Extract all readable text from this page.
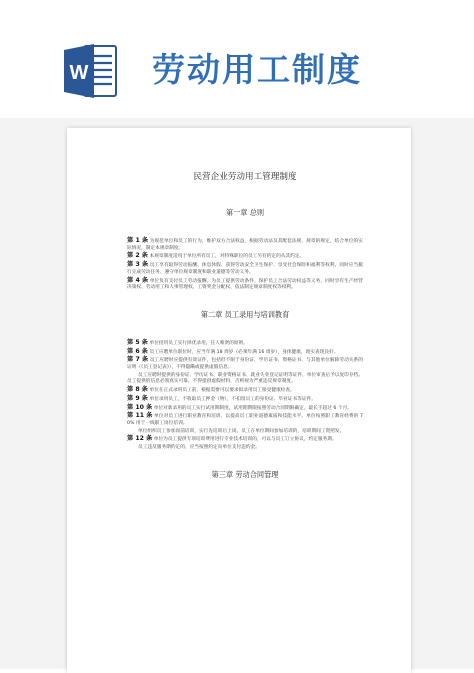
W 劳动用工制度
​
民营企业劳动用工管理制度
第一章 总则
第 1 条 为规范单位和员工的行为，维护双方合法权益，根据劳动法及其配套法规、规章的规定，结合单位的实际情况，制定本规章制度。
第 2 条 本规章制度适用于单位所有员工，对特殊职位的员工另有约定的从其约定。
第 3 条 员工享有取得劳动报酬、休息休假、获得劳动安全卫生保护、享受社会保险和福利等权利，同时应当履行完成劳动任务、遵守单位规章制度和职业道德等劳动义务。
第 4 条 单位负有支付员工劳动报酬、为员工提供劳动条件、保护员工合法劳动权益等义务，同时享有生产经营决策权、劳动用工和人事管理权、工资奖金分配权、依法制定规章制度权等权利。
第二章 员工录用与培训教育
第 5 条 单位招用员工实行择优录用，任人唯贤的原则。
第 6 条 员工应聘单位职位时，应当年满 18 周岁（必须年满 16 周岁），身体健康，现实表现良好。
第 7 条 员工应聘时应提供有效证件，包括但不限于身份证、学历证书、资格证书、与其他单位解除劳动关系的证明（《员工登记表》），不得隐瞒或提供虚假信息。
员工应聘时提供的身份证、学历证书、职业资格证书、就业失业登记证明等证件，单位审查后予以复印存档。员工提供的信息必须真实可靠，不得提供虚假材料，否则视为严重违反规章制度。
第 8 条 单位在正式录用员工前，根据需要可以要求拟录用员工接受健康检查。
第 9 条 单位录用员工，不收取员工押金（物），不扣留员工的身份证、毕业证书等证件。
第 10 条 单位对新录用的员工实行试用期制度，试用期期限按照劳动合同期限确定，最长不超过 6 个月。
第 11 条 单位对员工进行职业教育和培训，以提高员工职业道德素质和技能水平。单位按照职工教育经费的 70% 用于一线职工岗位培训。
单位组织员工参加岗前培训，实行先培训后上岗。员工在单位期间参加培训的，培训期间工资照发。
第 12 条 单位为员工提供专项培训费用进行专业技术培训的，可以与员工订立协议，约定服务期。
员工违反服务期约定的，应当按照约定向单位支付违约金。
第三章 劳动合同管理
